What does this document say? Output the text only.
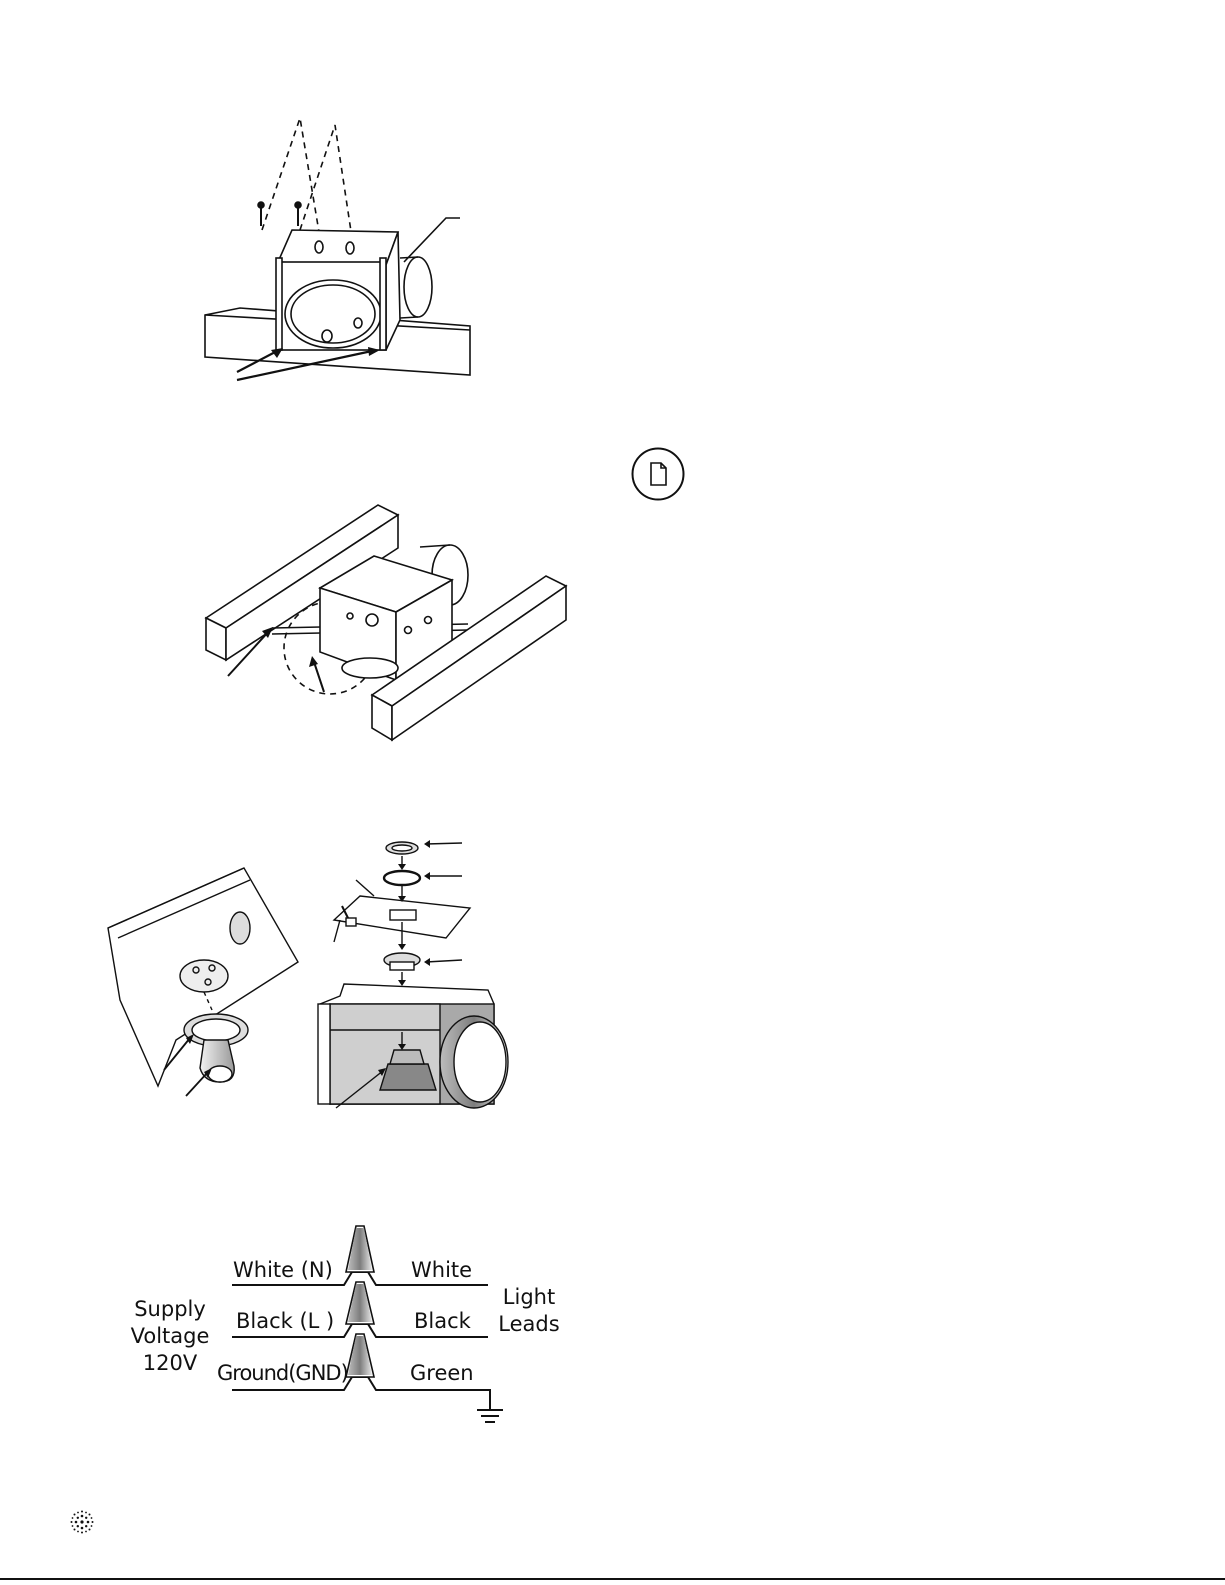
White (N)	White
Black (L )	Black
Ground(GND)	Green
Supply
Voltage
120V
Light
Leads
